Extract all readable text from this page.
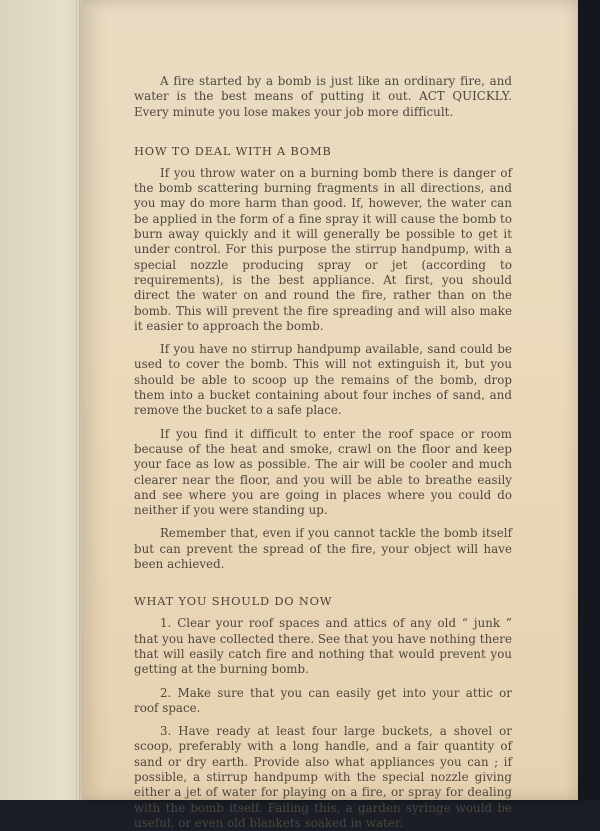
A fire started by a bomb is just like an ordinary fire, and water is the best means of putting it out. ACT QUICKLY. Every minute you lose makes your job more difficult.

HOW TO DEAL WITH A BOMB

If you throw water on a burning bomb there is danger of the bomb scattering burning fragments in all directions, and you may do more harm than good. If, however, the water can be applied in the form of a fine spray it will cause the bomb to burn away quickly and it will generally be possible to get it under control. For this purpose the stirrup handpump, with a special nozzle producing spray or jet (according to requirements), is the best appliance. At first, you should direct the water on and round the fire, rather than on the bomb. This will prevent the fire spreading and will also make it easier to approach the bomb.

If you have no stirrup handpump available, sand could be used to cover the bomb. This will not extinguish it, but you should be able to scoop up the remains of the bomb, drop them into a bucket containing about four inches of sand, and remove the bucket to a safe place.

If you find it difficult to enter the roof space or room because of the heat and smoke, crawl on the floor and keep your face as low as possible. The air will be cooler and much clearer near the floor, and you will be able to breathe easily and see where you are going in places where you could do neither if you were standing up.

Remember that, even if you cannot tackle the bomb itself but can prevent the spread of the fire, your object will have been achieved.

WHAT YOU SHOULD DO NOW

1. Clear your roof spaces and attics of any old “ junk ” that you have collected there. See that you have nothing there that will easily catch fire and nothing that would prevent you getting at the burning bomb.

2. Make sure that you can easily get into your attic or roof space.

3. Have ready at least four large buckets, a shovel or scoop, preferably with a long handle, and a fair quantity of sand or dry earth. Provide also what appliances you can ; if possible, a stirrup handpump with the special nozzle giving either a jet of water for playing on a fire, or spray for dealing with the bomb itself. Failing this, a garden syringe would be useful, or even old blankets soaked in water.
